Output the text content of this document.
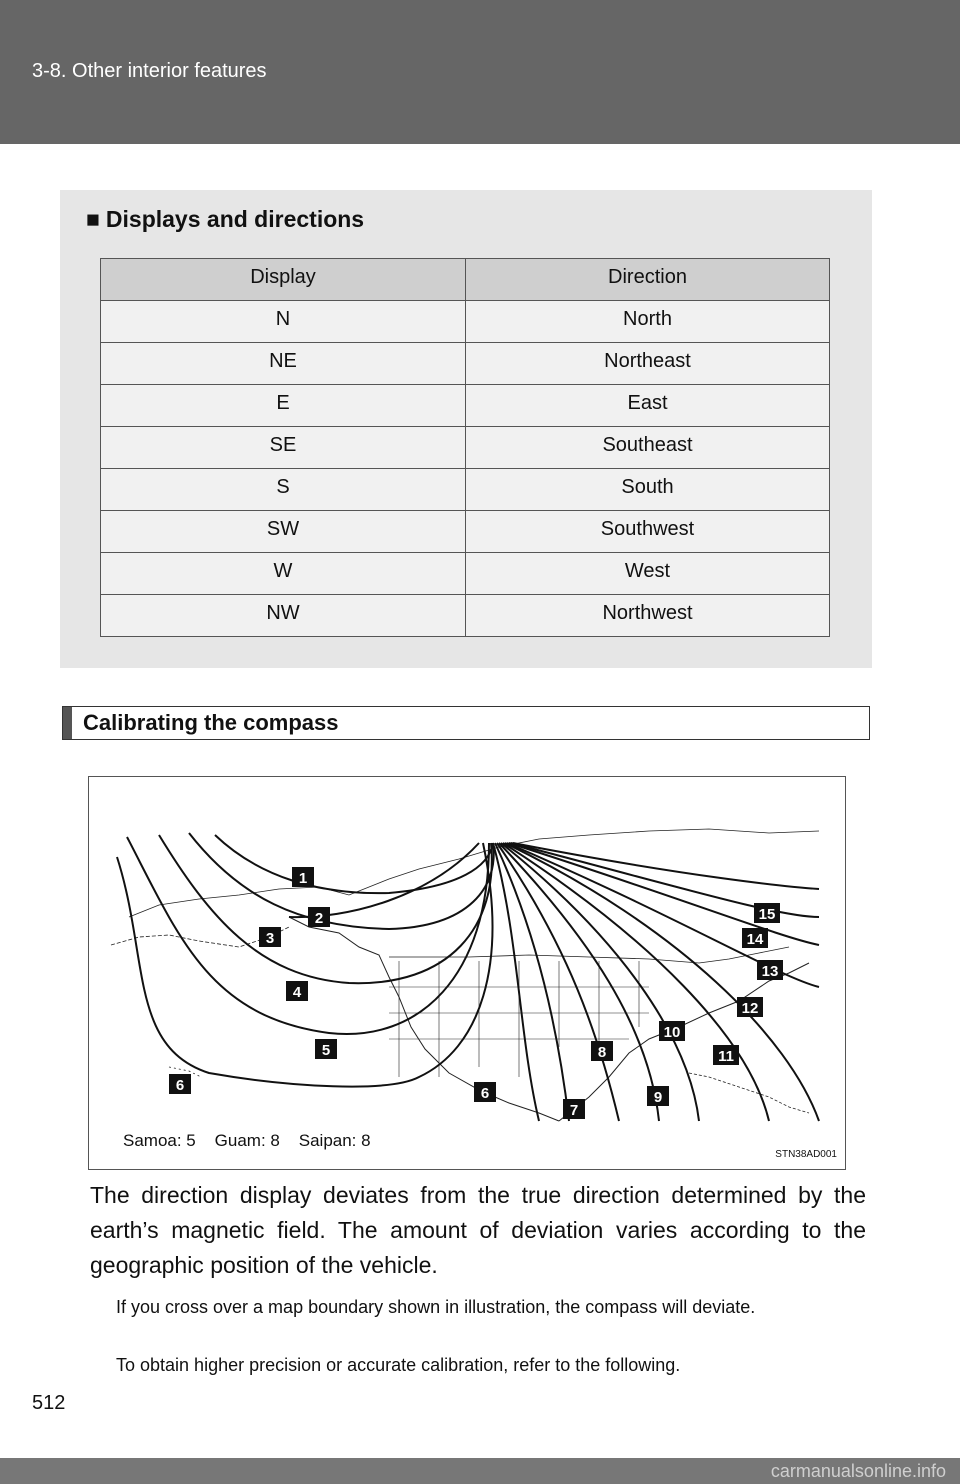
3-8. Other interior features
■ Displays and directions
Display	Direction
N	North
NE	Northeast
E	East
SE	Southeast
S	South
SW	Southwest
W	West
NW	Northwest
Calibrating the compass
1
2
3
4
5
6	6
7
8
9
10
11
12
13
14
15
Samoa: 5    Guam: 8    Saipan: 8
STN38AD001
The direction display deviates from the true direction determined by the earth’s magnetic field. The amount of deviation varies according to the geographic position of the vehicle.
If you cross over a map boundary shown in illustration, the compass will deviate.
To obtain higher precision or accurate calibration, refer to the following.
512
carmanualsonline.info
